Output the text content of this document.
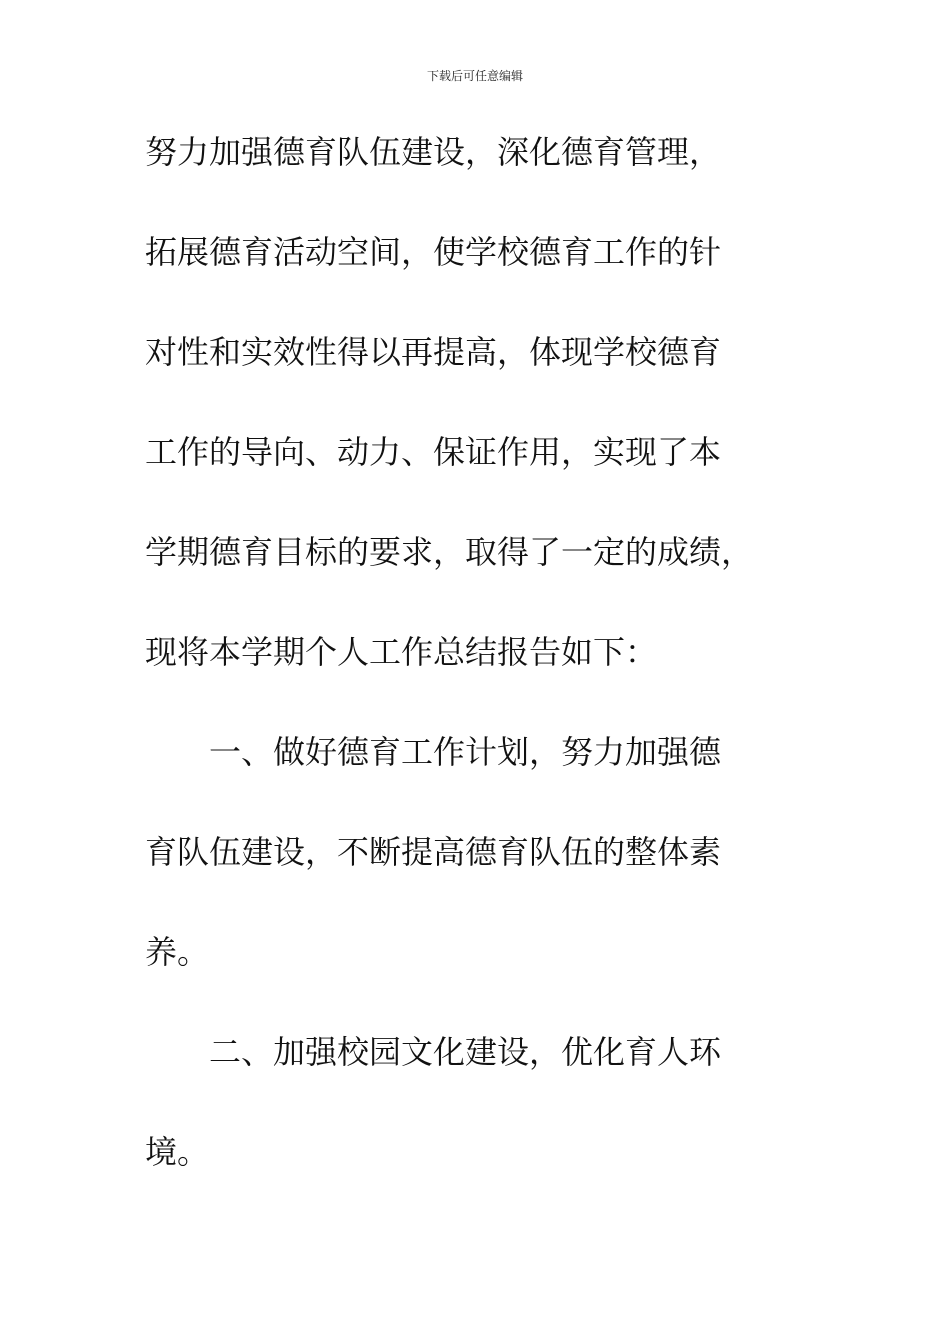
下载后可任意编辑
努力加强德育队伍建设，深化德育管理，
拓展德育活动空间，使学校德育工作的针
对性和实效性得以再提高，体现学校德育
工作的导向、动力、保证作用，实现了本
学期德育目标的要求，取得了一定的成绩，
现将本学期个人工作总结报告如下：
　　一、做好德育工作计划，努力加强德
育队伍建设，不断提高德育队伍的整体素
养。
　　二、加强校园文化建设，优化育人环
境。
